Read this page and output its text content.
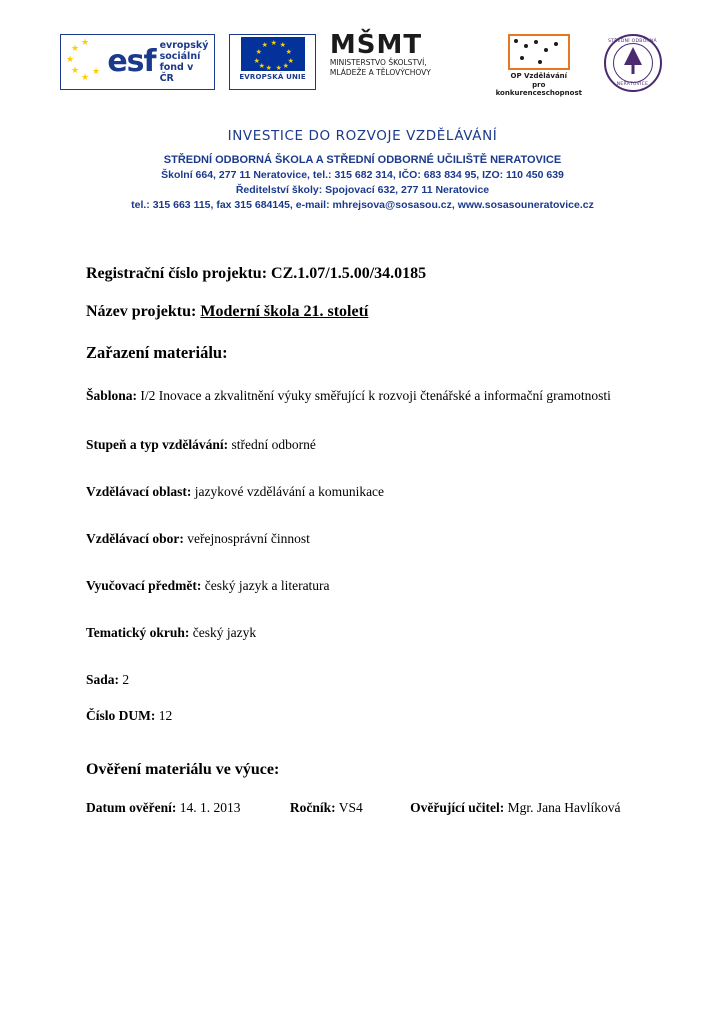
★
★
★
★
★
★ esf evropský
sociální
fond v ČR
★
★ ★
★	★
★	★
★	★
★ ★
EVROPSKÁ UNIE
MŠMT
MINISTERSTVO ŠKOLSTVÍ,
MLÁDEŽE A TĚLOVÝCHOVY	OP Vzdělávání
pro konkurenceschopnost
STŘEDNÍ ODBORNÁ
NERATOVICE
INVESTICE DO ROZVOJE VZDĚLÁVÁNÍ
STŘEDNÍ ODBORNÁ ŠKOLA A STŘEDNÍ ODBORNÉ UČILIŠTĚ NERATOVICE
Školní 664, 277 11 Neratovice, tel.: 315 682 314, IČO: 683 834 95, IZO: 110 450 639
Ředitelství školy: Spojovací 632, 277 11 Neratovice
tel.: 315 663 115, fax 315 684145, e-mail: mhrejsova@sosasou.cz, www.sosasouneratovice.cz

Registrační číslo projektu: CZ.1.07/1.5.00/34.0185

Název projektu: Moderní škola 21. století

Zařazení materiálu:

Šablona: I/2 Inovace a zkvalitnění výuky směřující k rozvoji čtenářské a informační gramotnosti

Stupeň a typ vzdělávání: střední odborné

Vzdělávací oblast: jazykové vzdělávání a komunikace

Vzdělávací obor: veřejnosprávní činnost

Vyučovací předmět: český jazyk a literatura

Tematický okruh: český jazyk

Sada: 2

Číslo DUM: 12

Ověření materiálu ve výuce:

Datum ověření: 14. 1. 2013	Ročník: VS4	Ověřující učitel: Mgr. Jana Havlíková
